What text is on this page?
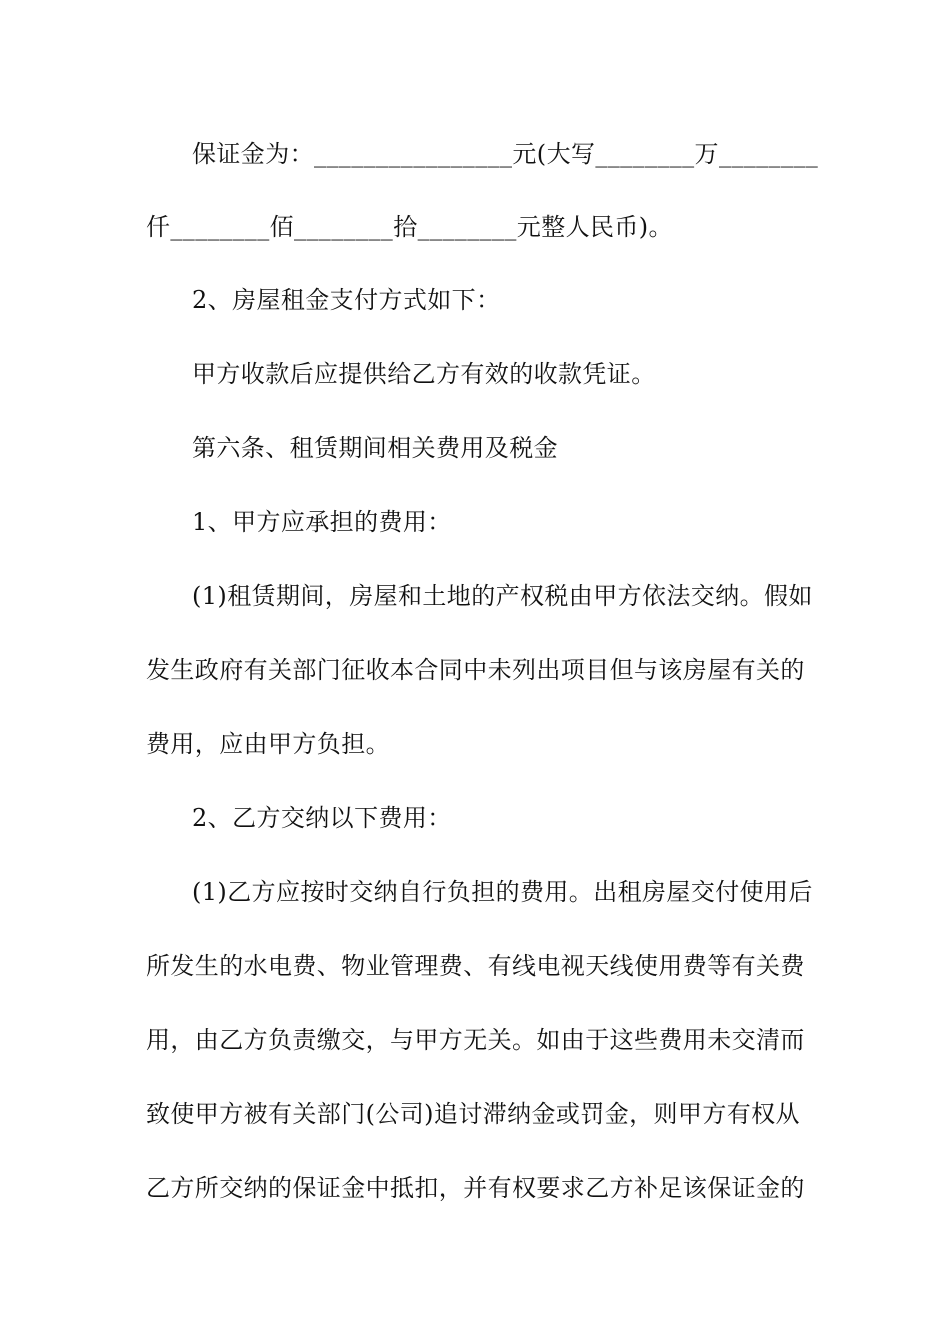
保证金为：________________元(大写________万________
仟________佰________拾________元整人民币)。
2、房屋租金支付方式如下：
甲方收款后应提供给乙方有效的收款凭证。
第六条、租赁期间相关费用及税金
1、甲方应承担的费用：
(1)租赁期间，房屋和土地的产权税由甲方依法交纳。假如
发生政府有关部门征收本合同中未列出项目但与该房屋有关的
费用，应由甲方负担。
2、乙方交纳以下费用：
(1)乙方应按时交纳自行负担的费用。出租房屋交付使用后
所发生的水电费、物业管理费、有线电视天线使用费等有关费
用，由乙方负责缴交，与甲方无关。如由于这些费用未交清而
致使甲方被有关部门(公司)追讨滞纳金或罚金，则甲方有权从
乙方所交纳的保证金中抵扣，并有权要求乙方补足该保证金的
